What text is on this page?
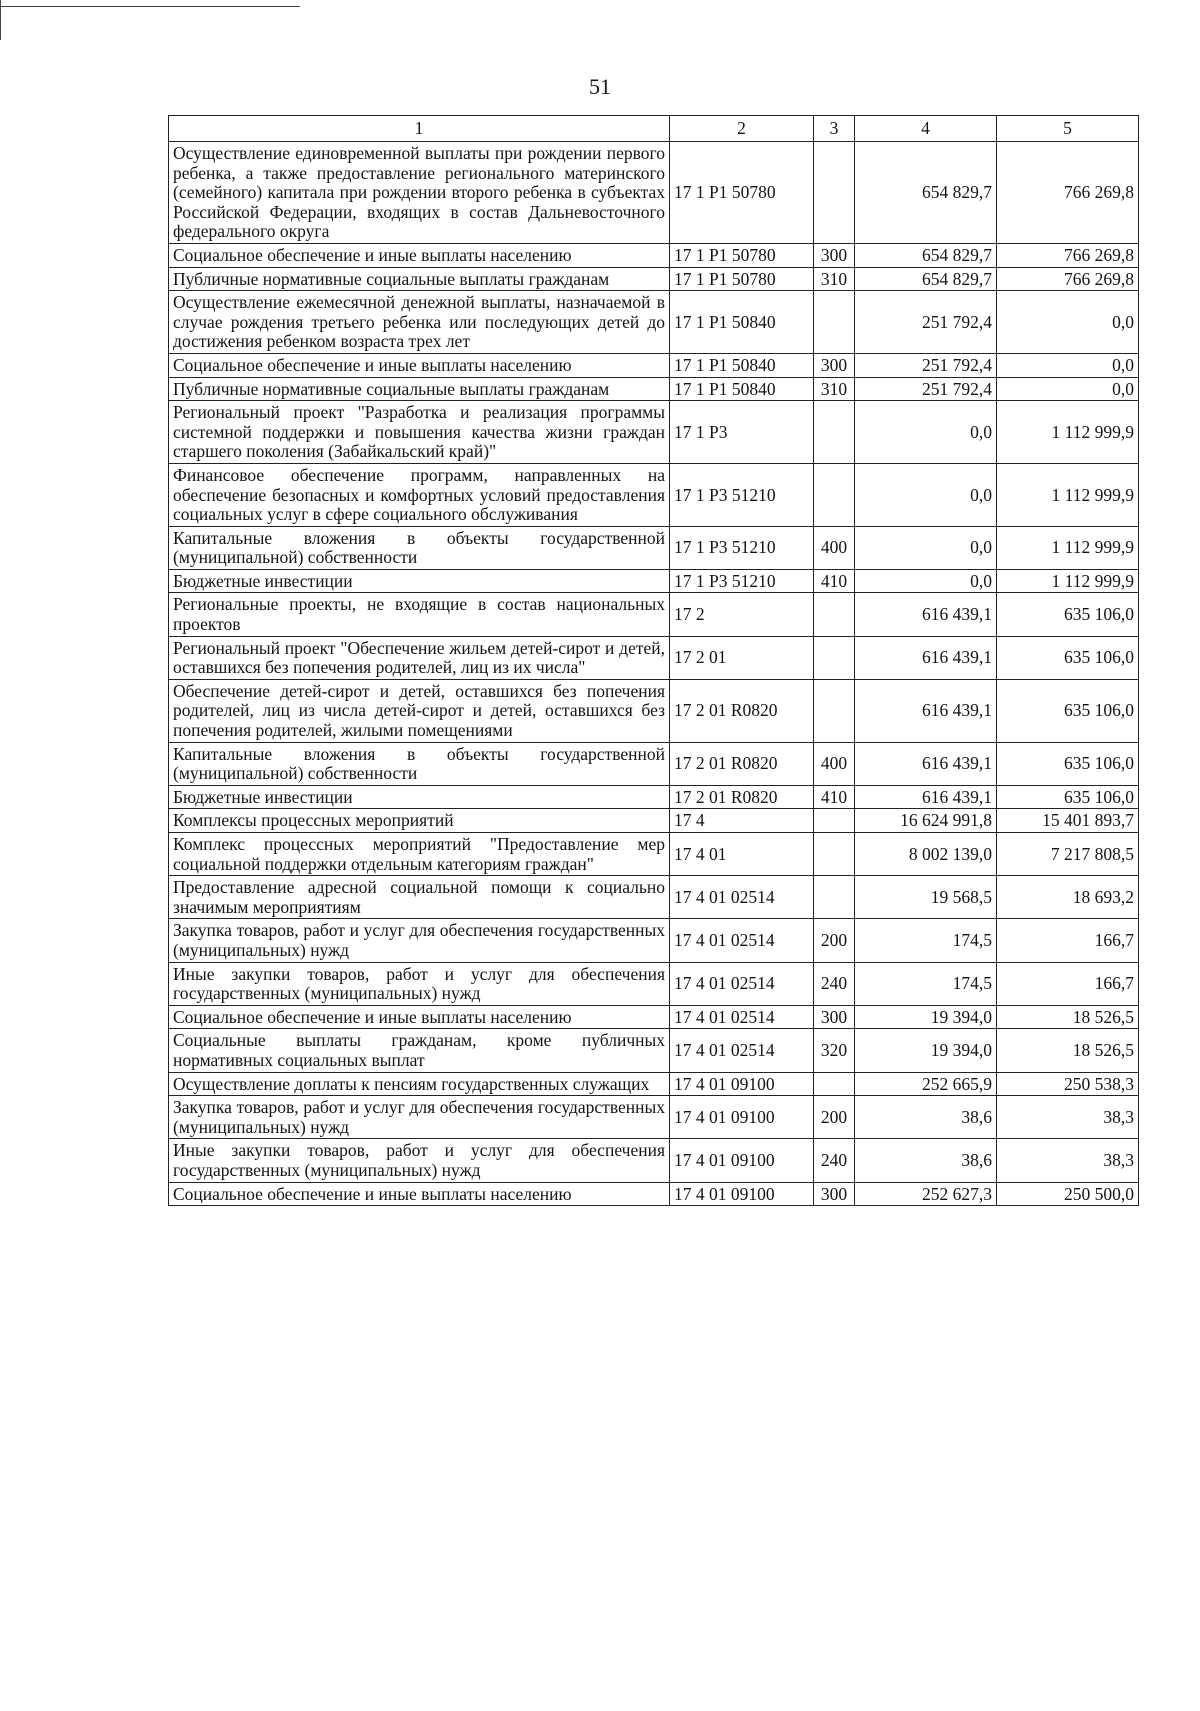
51
1	2	3	4	5
Осуществление единовременной выплаты при рождении первого ребенка, а также предоставление регионального материнского (семейного) капитала при рождении второго ребенка в субъектах Российской Федерации, входящих в состав Дальневосточного федерального округа	17 1 P1 50780		654 829,7	766 269,8
Социальное обеспечение и иные выплаты населению	17 1 P1 50780	300	654 829,7	766 269,8
Публичные нормативные социальные выплаты гражданам	17 1 P1 50780	310	654 829,7	766 269,8
Осуществление ежемесячной денежной выплаты, назначаемой в случае рождения третьего ребенка или последующих детей до достижения ребенком возраста трех лет	17 1 P1 50840		251 792,4	0,0
Социальное обеспечение и иные выплаты населению	17 1 P1 50840	300	251 792,4	0,0
Публичные нормативные социальные выплаты гражданам	17 1 P1 50840	310	251 792,4	0,0
Региональный проект "Разработка и реализация программы системной поддержки и повышения качества жизни граждан старшего поколения (Забайкальский край)"	17 1 P3		0,0	1 112 999,9
Финансовое обеспечение программ, направленных на обеспечение безопасных и комфортных условий предоставления социальных услуг в сфере социального обслуживания	17 1 P3 51210		0,0	1 112 999,9
Капитальные вложения в объекты государственной (муниципальной) собственности	17 1 P3 51210	400	0,0	1 112 999,9
Бюджетные инвестиции	17 1 P3 51210	410	0,0	1 112 999,9
Региональные проекты, не входящие в состав национальных проектов	17 2		616 439,1	635 106,0
Региональный проект "Обеспечение жильем детей-сирот и детей, оставшихся без попечения родителей, лиц из их числа"	17 2 01		616 439,1	635 106,0
Обеспечение детей-сирот и детей, оставшихся без попечения родителей, лиц из числа детей-сирот и детей, оставшихся без попечения родителей, жилыми помещениями	17 2 01 R0820		616 439,1	635 106,0
Капитальные вложения в объекты государственной (муниципальной) собственности	17 2 01 R0820	400	616 439,1	635 106,0
Бюджетные инвестиции	17 2 01 R0820	410	616 439,1	635 106,0
Комплексы процессных мероприятий	17 4		16 624 991,8	15 401 893,7
Комплекс процессных мероприятий "Предоставление мер социальной поддержки отдельным категориям граждан"	17 4 01		8 002 139,0	7 217 808,5
Предоставление адресной социальной помощи к социально значимым мероприятиям	17 4 01 02514		19 568,5	18 693,2
Закупка товаров, работ и услуг для обеспечения государственных (муниципальных) нужд	17 4 01 02514	200	174,5	166,7
Иные закупки товаров, работ и услуг для обеспечения государственных (муниципальных) нужд	17 4 01 02514	240	174,5	166,7
Социальное обеспечение и иные выплаты населению	17 4 01 02514	300	19 394,0	18 526,5
Социальные выплаты гражданам, кроме публичных нормативных социальных выплат	17 4 01 02514	320	19 394,0	18 526,5
Осуществление доплаты к пенсиям государственных служащих	17 4 01 09100		252 665,9	250 538,3
Закупка товаров, работ и услуг для обеспечения государственных (муниципальных) нужд	17 4 01 09100	200	38,6	38,3
Иные закупки товаров, работ и услуг для обеспечения государственных (муниципальных) нужд	17 4 01 09100	240	38,6	38,3
Социальное обеспечение и иные выплаты населению	17 4 01 09100	300	252 627,3	250 500,0
